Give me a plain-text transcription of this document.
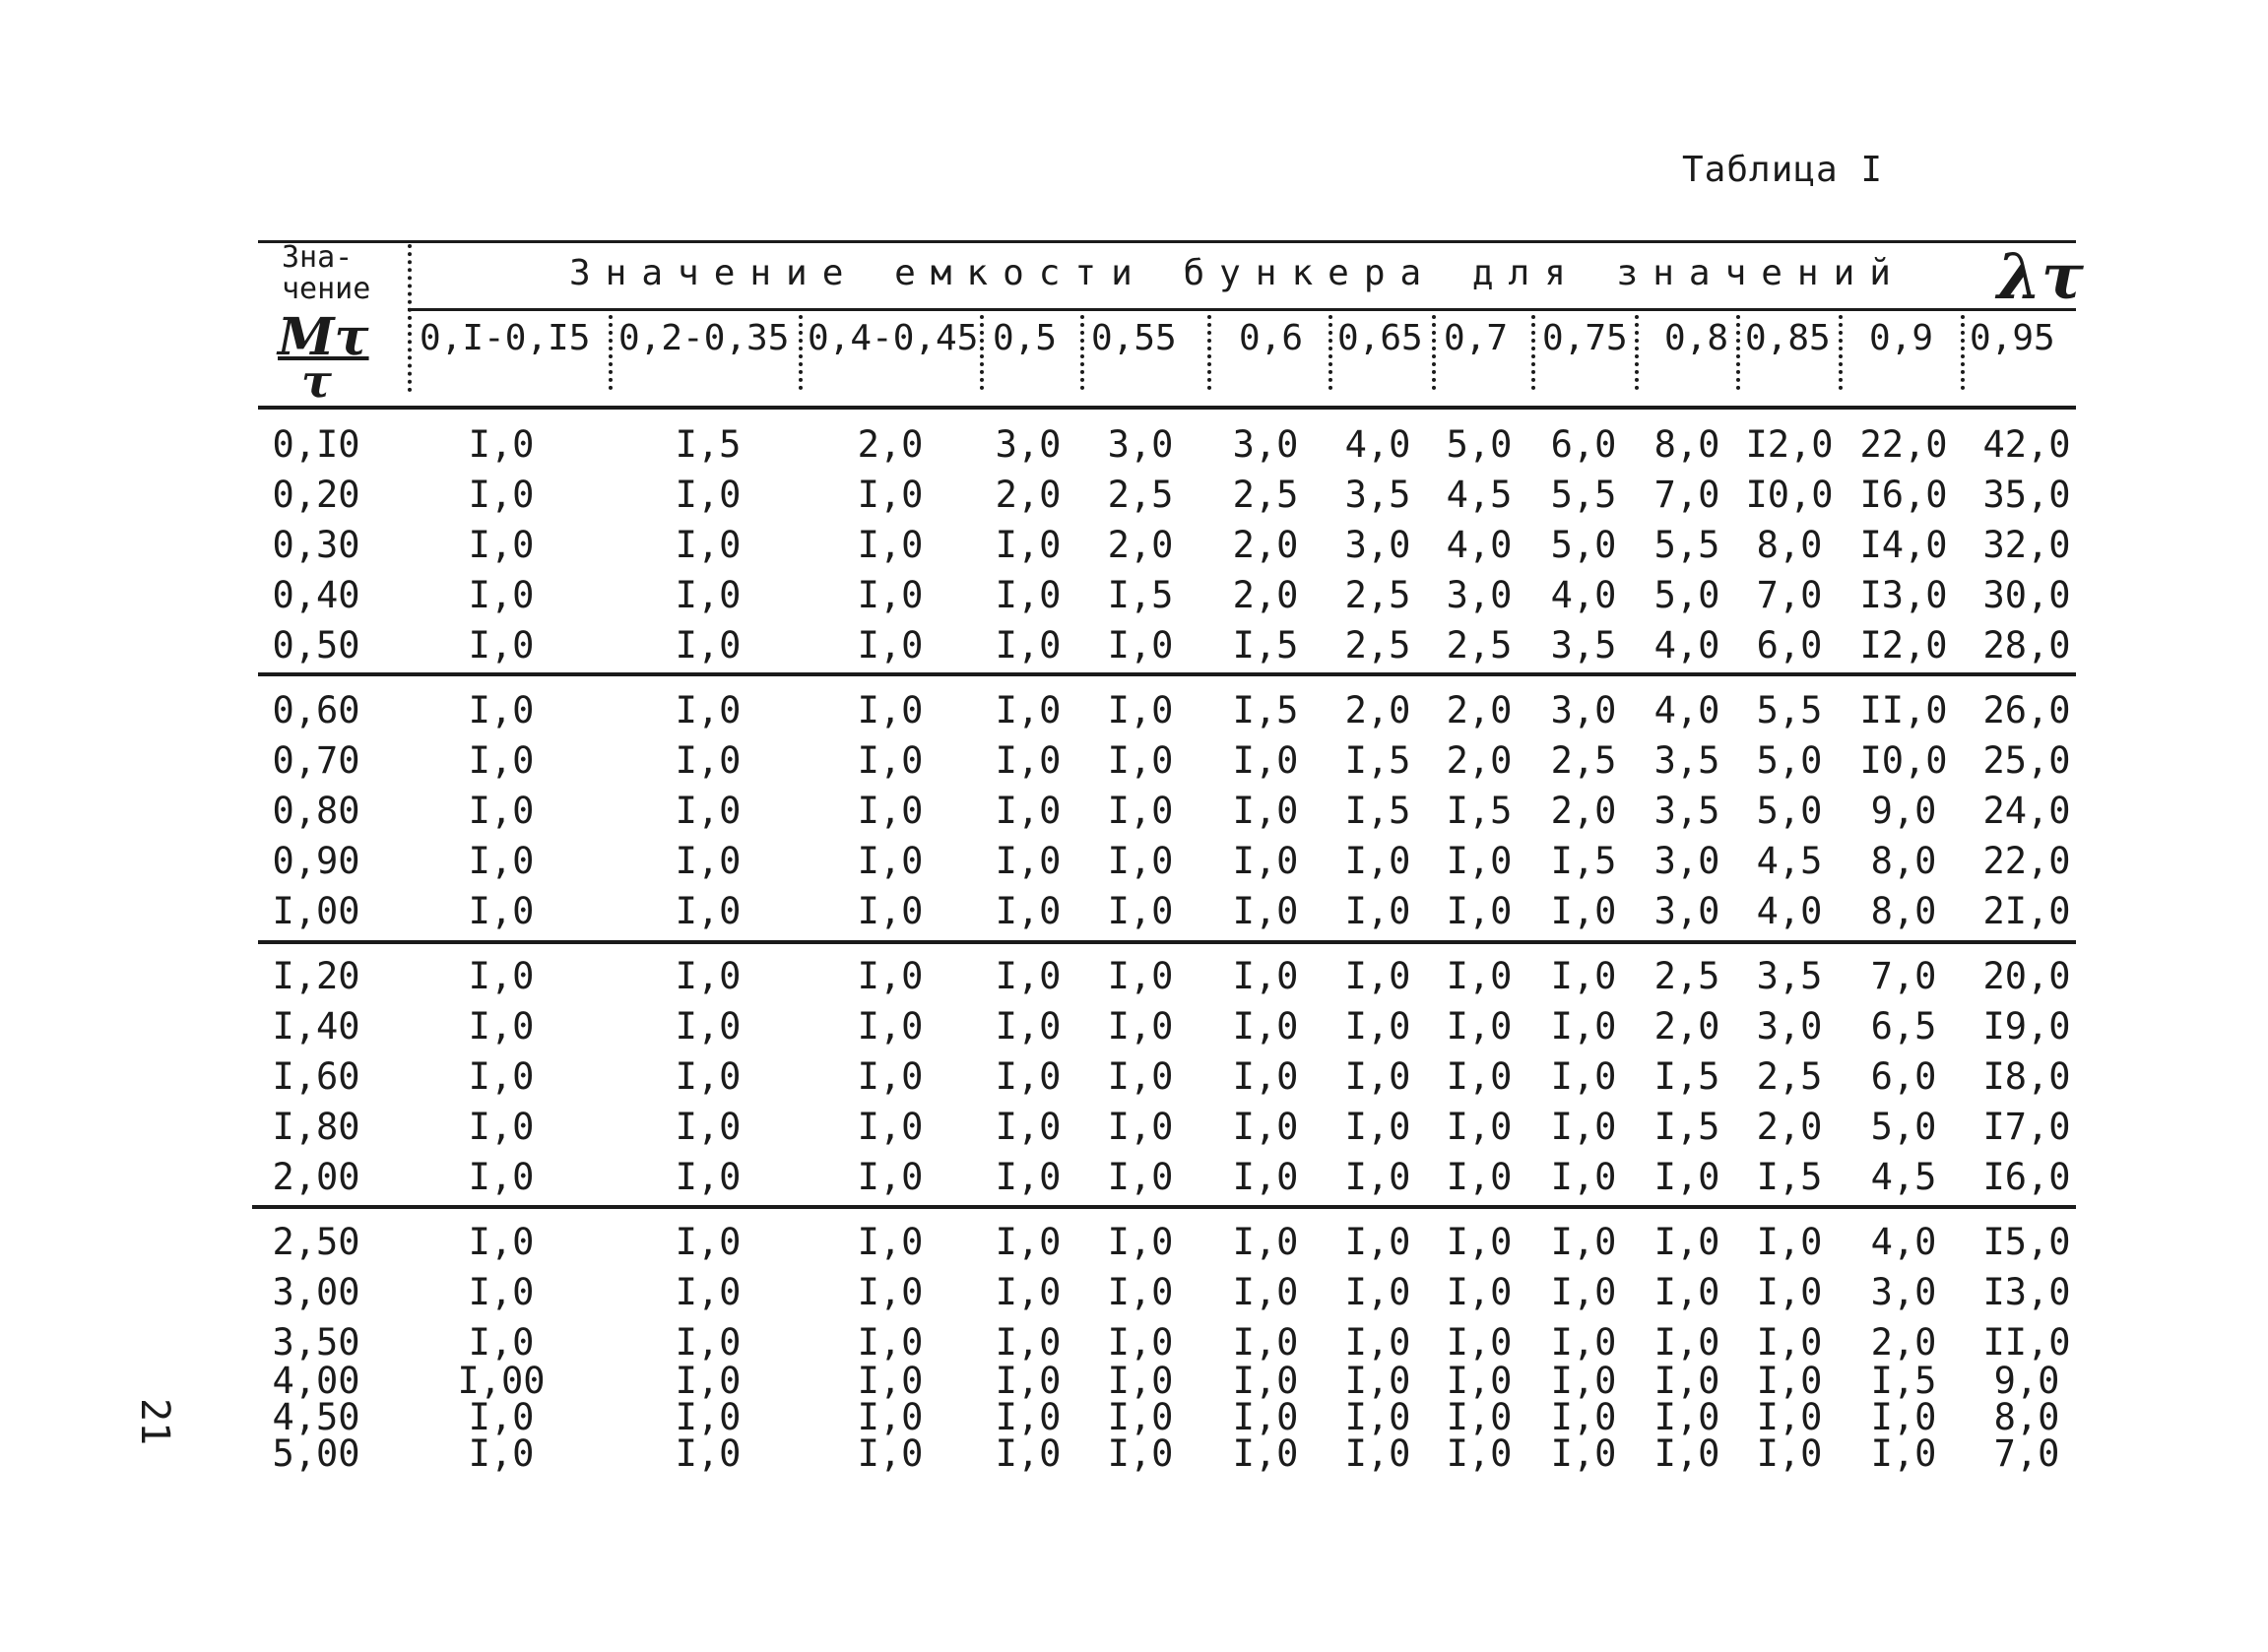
Таблица I
21
Зна-
чение
Mτ
τ
Значение емкости бункера для значений λτ
0,I-0,I5 0,2-0,35 0,4-0,45 0,5 0,55 0,6 0,65 0,7 0,75 0,8 0,85 0,9 0,95
0,I0	I,0	I,5	2,0	3,0	3,0	3,0	4,0	5,0	6,0	8,0	I2,0	22,0	42,0
0,20	I,0	I,0	I,0	2,0	2,5	2,5	3,5	4,5	5,5	7,0	I0,0	I6,0	35,0
0,30	I,0	I,0	I,0	I,0	2,0	2,0	3,0	4,0	5,0	5,5	8,0	I4,0	32,0
0,40	I,0	I,0	I,0	I,0	I,5	2,0	2,5	3,0	4,0	5,0	7,0	I3,0	30,0
0,50	I,0	I,0	I,0	I,0	I,0	I,5	2,5	2,5	3,5	4,0	6,0	I2,0	28,0
0,60	I,0	I,0	I,0	I,0	I,0	I,5	2,0	2,0	3,0	4,0	5,5	II,0	26,0
0,70	I,0	I,0	I,0	I,0	I,0	I,0	I,5	2,0	2,5	3,5	5,0	I0,0	25,0
0,80	I,0	I,0	I,0	I,0	I,0	I,0	I,5	I,5	2,0	3,5	5,0	9,0	24,0
0,90	I,0	I,0	I,0	I,0	I,0	I,0	I,0	I,0	I,5	3,0	4,5	8,0	22,0
I,00	I,0	I,0	I,0	I,0	I,0	I,0	I,0	I,0	I,0	3,0	4,0	8,0	2I,0
I,20	I,0	I,0	I,0	I,0	I,0	I,0	I,0	I,0	I,0	2,5	3,5	7,0	20,0
I,40	I,0	I,0	I,0	I,0	I,0	I,0	I,0	I,0	I,0	2,0	3,0	6,5	I9,0
I,60	I,0	I,0	I,0	I,0	I,0	I,0	I,0	I,0	I,0	I,5	2,5	6,0	I8,0
I,80	I,0	I,0	I,0	I,0	I,0	I,0	I,0	I,0	I,0	I,5	2,0	5,0	I7,0
2,00	I,0	I,0	I,0	I,0	I,0	I,0	I,0	I,0	I,0	I,0	I,5	4,5	I6,0
2,50	I,0	I,0	I,0	I,0	I,0	I,0	I,0	I,0	I,0	I,0	I,0	4,0	I5,0
3,00	I,0	I,0	I,0	I,0	I,0	I,0	I,0	I,0	I,0	I,0	I,0	3,0	I3,0
3,50	I,0	I,0	I,0	I,0	I,0	I,0	I,0	I,0	I,0	I,0	I,0	2,0	II,0
4,00	I,00	I,0	I,0	I,0	I,0	I,0	I,0	I,0	I,0	I,0	I,0	I,5	9,0
4,50	I,0	I,0	I,0	I,0	I,0	I,0	I,0	I,0	I,0	I,0	I,0	I,0	8,0
5,00	I,0	I,0	I,0	I,0	I,0	I,0	I,0	I,0	I,0	I,0	I,0	I,0	7,0
